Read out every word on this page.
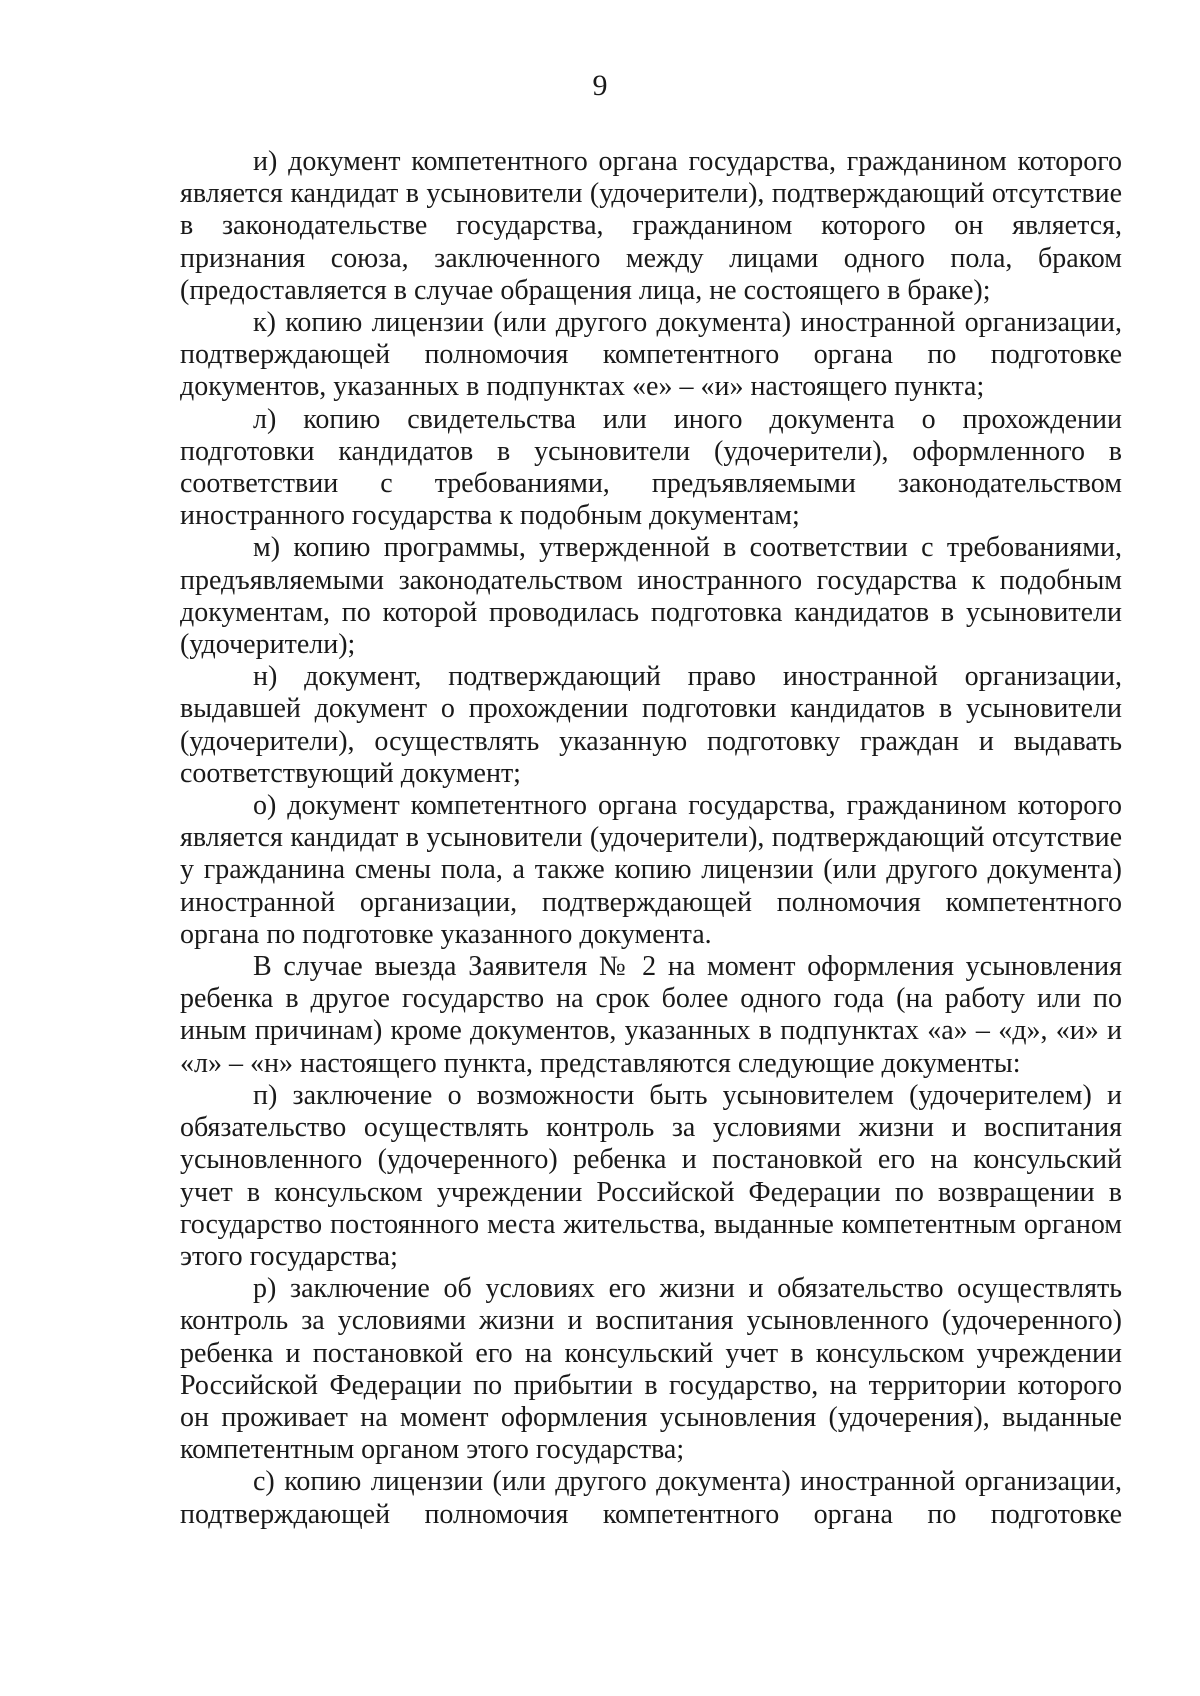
9

и) документ компетентного органа государства, гражданином которого является кандидат в усыновители (удочерители), подтверждающий отсутствие в законодательстве государства, гражданином которого он является, признания союза, заключенного между лицами одного пола, браком (предоставляется в случае обращения лица, не состоящего в браке);

к) копию лицензии (или другого документа) иностранной организации, подтверждающей полномочия компетентного органа по подготовке документов, указанных в подпунктах «е» – «и» настоящего пункта;

л) копию свидетельства или иного документа о прохождении подготовки кандидатов в усыновители (удочерители), оформленного в соответствии с требованиями, предъявляемыми законодательством иностранного государства к подобным документам;

м) копию программы, утвержденной в соответствии с требованиями, предъявляемыми законодательством иностранного государства к подобным документам, по которой проводилась подготовка кандидатов в усыновители (удочерители);

н) документ, подтверждающий право иностранной организации, выдавшей документ о прохождении подготовки кандидатов в усыновители (удочерители), осуществлять указанную подготовку граждан и выдавать соответствующий документ;

о) документ компетентного органа государства, гражданином которого является кандидат в усыновители (удочерители), подтверждающий отсутствие у гражданина смены пола, а также копию лицензии (или другого документа) иностранной организации, подтверждающей полномочия компетентного органа по подготовке указанного документа.

В случае выезда Заявителя № 2 на момент оформления усыновления ребенка в другое государство на срок более одного года (на работу или по иным причинам) кроме документов, указанных в подпунктах «а» – «д», «и» и «л» – «н» настоящего пункта, представляются следующие документы:

п) заключение о возможности быть усыновителем (удочерителем) и обязательство осуществлять контроль за условиями жизни и воспитания усыновленного (удочеренного) ребенка и постановкой его на консульский учет в консульском учреждении Российской Федерации по возвращении в государство постоянного места жительства, выданные компетентным органом этого государства;

р) заключение об условиях его жизни и обязательство осуществлять контроль за условиями жизни и воспитания усыновленного (удочеренного) ребенка и постановкой его на консульский учет в консульском учреждении Российской Федерации по прибытии в государство, на территории которого он проживает на момент оформления усыновления (удочерения), выданные компетентным органом этого государства;

с) копию лицензии (или другого документа) иностранной организации, подтверждающей полномочия компетентного органа по подготовке
